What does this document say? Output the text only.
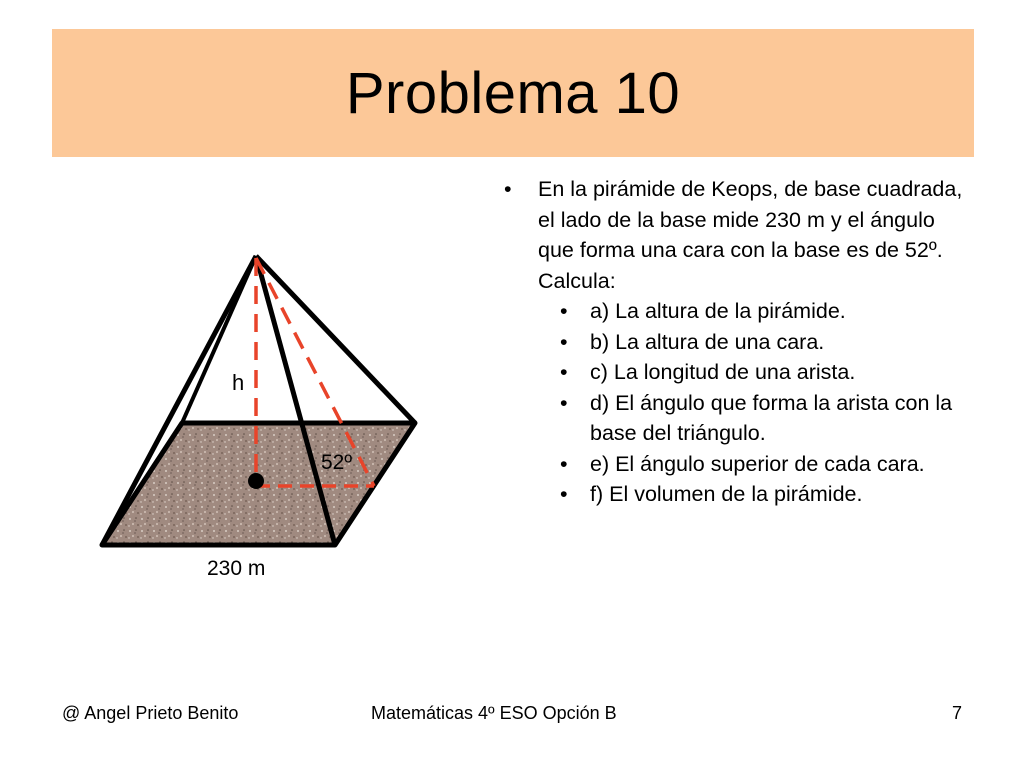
Problema 10
h
52º
230 m
• En la pirámide de Keops, de base cuadrada, el lado de la base mide 230 m y el ángulo que forma una cara con la base es de 52º. Calcula:
• a) La altura de la pirámide.
• b) La altura de una cara.
• c) La longitud de una arista.
• d) El ángulo que forma la arista con la base del triángulo.
• e) El ángulo superior de cada cara.
• f) El volumen de la pirámide.
@ Angel Prieto Benito	Matemáticas 4º ESO Opción B	7
